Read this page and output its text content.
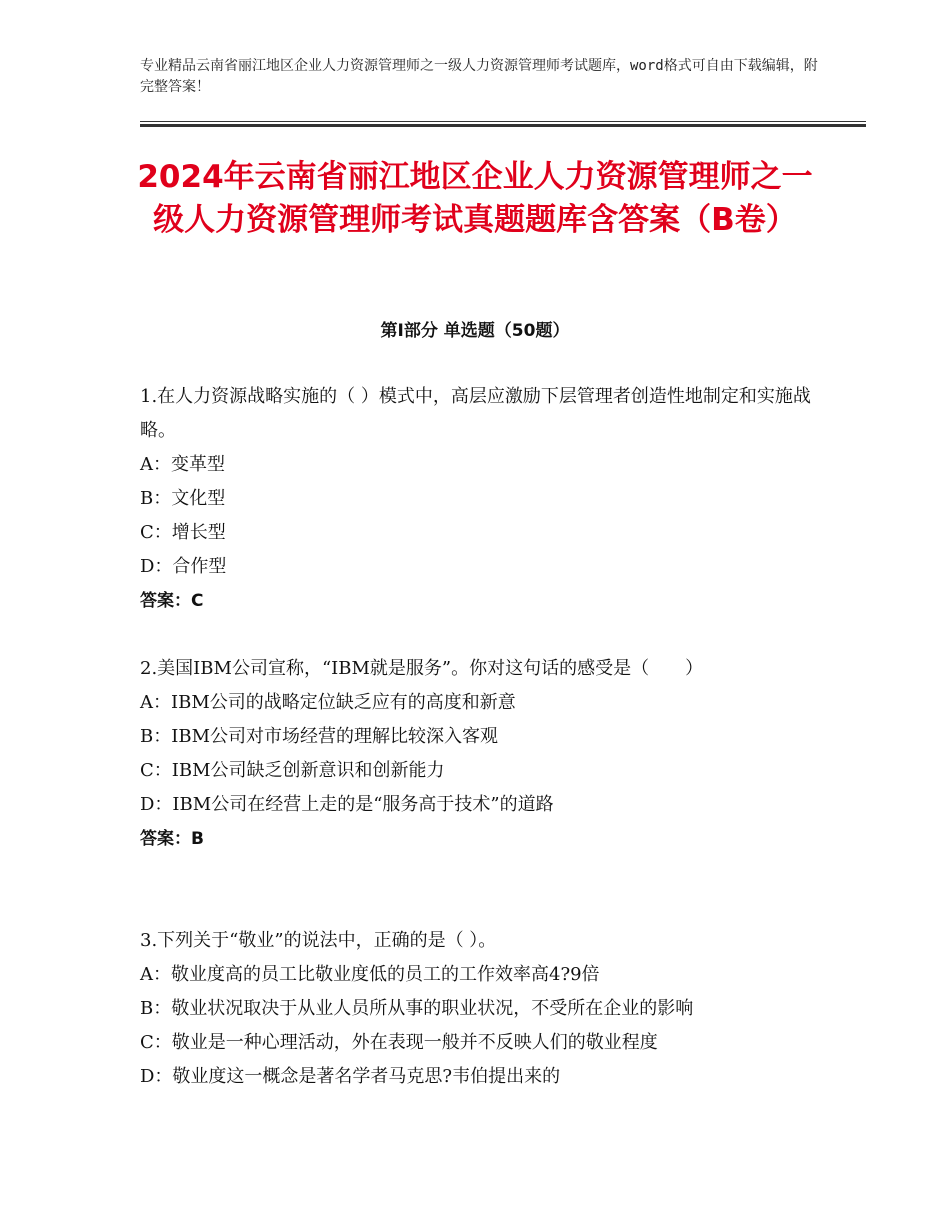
专业精品云南省丽江地区企业人力资源管理师之一级人力资源管理师考试题库，word格式可自由下载编辑，附完整答案！
2024年云南省丽江地区企业人力资源管理师之一级人力资源管理师考试真题题库含答案（B卷）
第Ⅰ部分 单选题（50题）
1.在人力资源战略实施的（ ）模式中，高层应激励下层管理者创造性地制定和实施战略。
A：变革型
B：文化型
C：增长型
D：合作型
答案：C
2.美国IBM公司宣称，“IBM就是服务”。你对这句话的感受是（　　）
A：IBM公司的战略定位缺乏应有的高度和新意
B：IBM公司对市场经营的理解比较深入客观
C：IBM公司缺乏创新意识和创新能力
D：IBM公司在经营上走的是“服务高于技术”的道路
答案：B
3.下列关于“敬业”的说法中，正确的是（ ）。
A：敬业度高的员工比敬业度低的员工的工作效率高4?9倍
B：敬业状况取决于从业人员所从事的职业状况，不受所在企业的影响
C：敬业是一种心理活动，外在表现一般并不反映人们的敬业程度
D：敬业度这一概念是著名学者马克思?韦伯提出来的
